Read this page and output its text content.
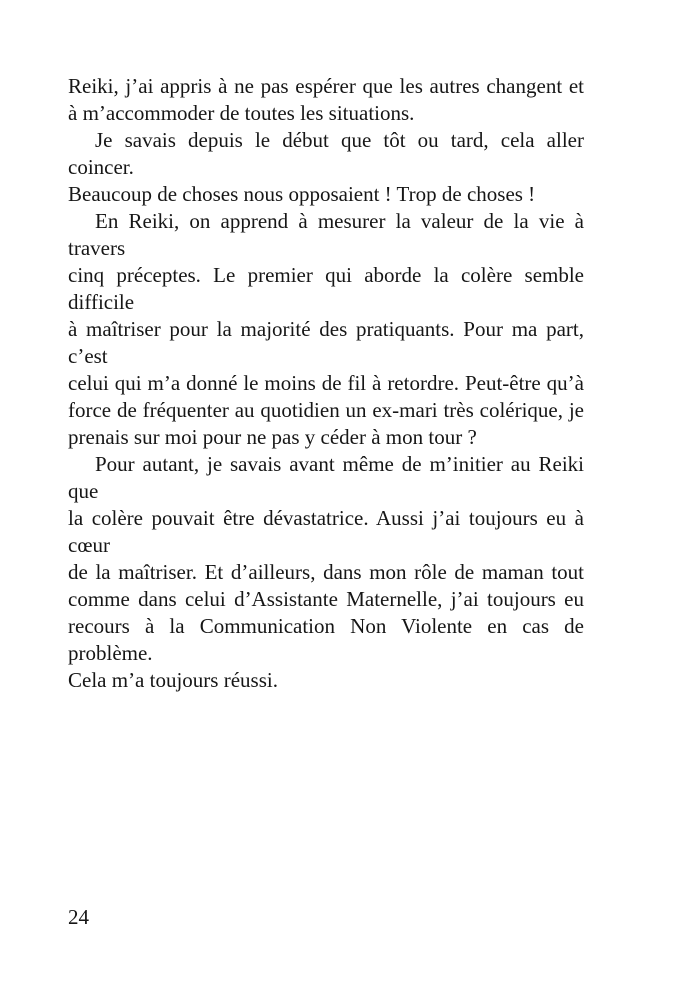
Reiki, j’ai appris à ne pas espérer que les autres changent et
à m’accommoder de toutes les situations.
Je savais depuis le début que tôt ou tard, cela aller coincer.
Beaucoup de choses nous opposaient ! Trop de choses !
En Reiki, on apprend à mesurer la valeur de la vie à travers
cinq préceptes. Le premier qui aborde la colère semble difficile
à maîtriser pour la majorité des pratiquants. Pour ma part, c’est
celui qui m’a donné le moins de fil à retordre. Peut-être qu’à
force de fréquenter au quotidien un ex-mari très colérique, je
prenais sur moi pour ne pas y céder à mon tour ?
Pour autant, je savais avant même de m’initier au Reiki que
la colère pouvait être dévastatrice. Aussi j’ai toujours eu à cœur
de la maîtriser. Et d’ailleurs, dans mon rôle de maman tout
comme dans celui d’Assistante Maternelle, j’ai toujours eu
recours à la Communication Non Violente en cas de problème.
Cela m’a toujours réussi.
24
